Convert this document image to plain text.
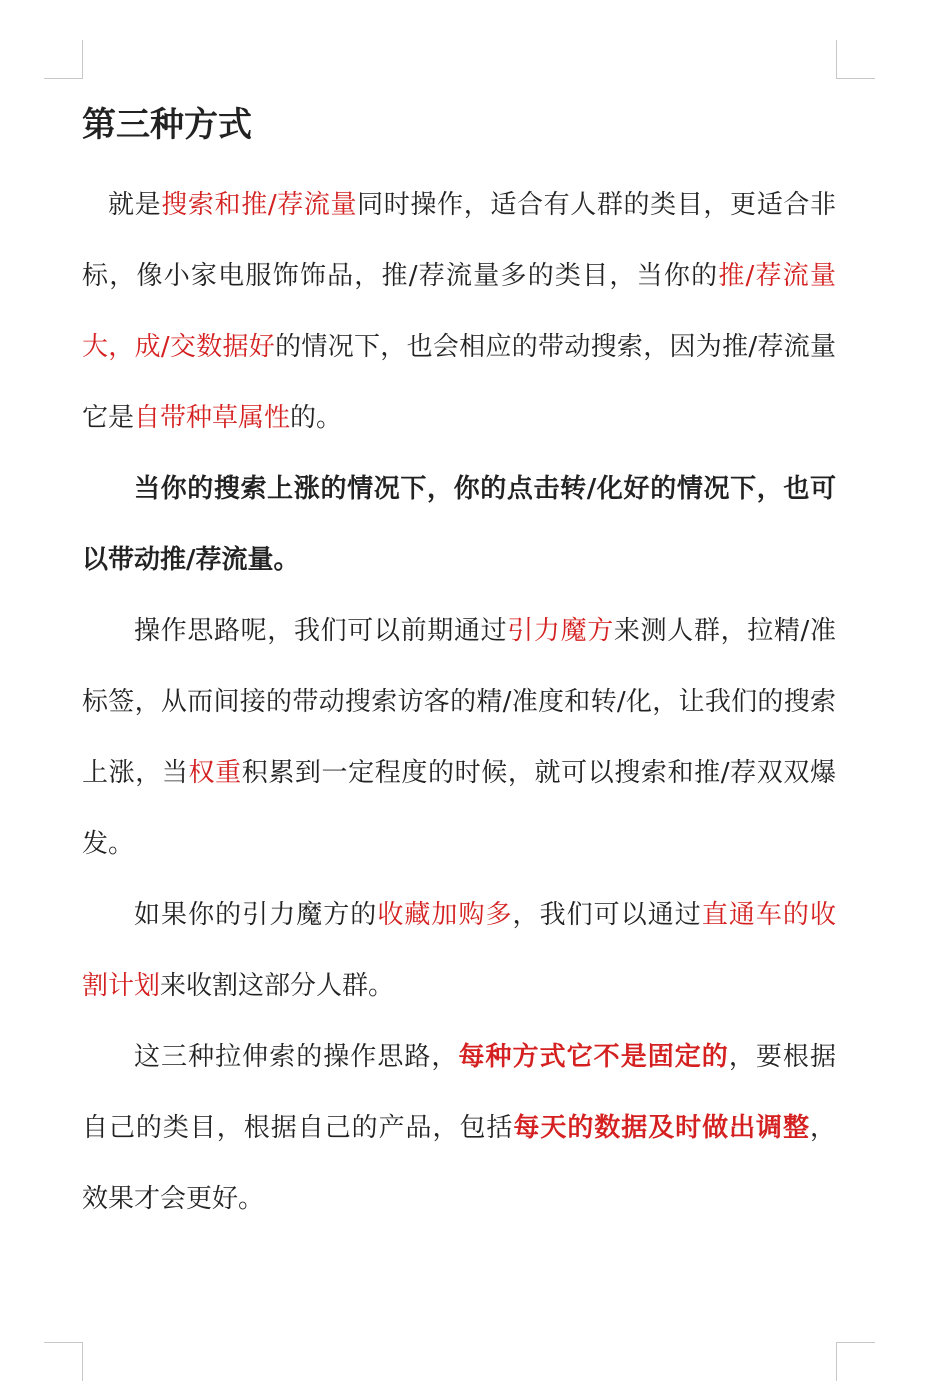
第三种方式

就是搜索和推/荐流量同时操作，适合有人群的类目，更适合非标，像小家电服饰饰品，推/荐流量多的类目，当你的推/荐流量大，成/交数据好的情况下，也会相应的带动搜索，因为推/荐流量它是自带种草属性的。

当你的搜索上涨的情况下，你的点击转/化好的情况下，也可以带动推/荐流量。

操作思路呢，我们可以前期通过引力魔方来测人群，拉精/准标签，从而间接的带动搜索访客的精/准度和转/化，让我们的搜索上涨，当权重积累到一定程度的时候，就可以搜索和推/荐双双爆发。

如果你的引力魔方的收藏加购多，我们可以通过直通车的收割计划来收割这部分人群。

这三种拉伸索的操作思路，每种方式它不是固定的，要根据自己的类目，根据自己的产品，包括每天的数据及时做出调整，效果才会更好。
